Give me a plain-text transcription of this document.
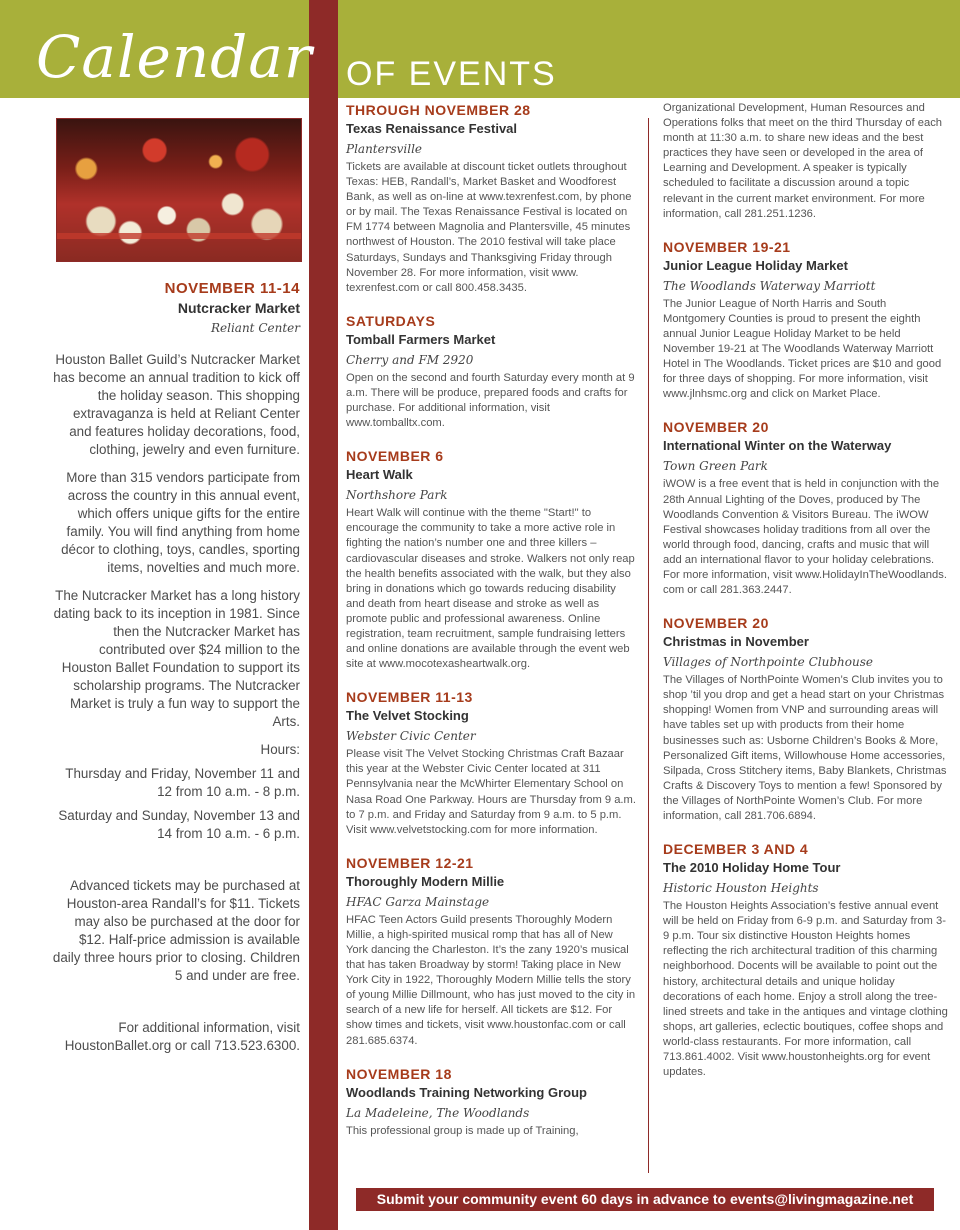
Calendar OF EVENTS

NOVEMBER 11-14

Nutcracker Market

Reliant Center

Houston Ballet Guild’s Nutcracker Market has become an annual tradition to kick off the holiday season. This shopping extravaganza is held at Reliant Center and features holiday decorations, food, clothing, jewelry and even furniture.

More than 315 vendors participate from across the country in this annual event, which offers unique gifts for the entire family. You will find anything from home décor to clothing, toys, candles, sporting items, novelties and much more.

The Nutcracker Market has a long history dating back to its inception in 1981. Since then the Nutcracker Market has contributed over $24 million to the Houston Ballet Foundation to support its scholarship programs. The Nutcracker Market is truly a fun way to support the Arts.

Hours:

Thursday and Friday, November 11 and 12 from 10 a.m. - 8 p.m.

Saturday and Sunday, November 13 and 14 from 10 a.m. - 6 p.m.

Advanced tickets may be purchased at Houston-area Randall’s for $11. Tickets may also be purchased at the door for $12. Half-price admission is available daily three hours prior to closing. Children 5 and under are free.

For additional information, visit HoustonBallet.org or call 713.523.6300.

THROUGH NOVEMBER 28

Texas Renaissance Festival

Plantersville

Tickets are available at discount ticket outlets throughout Texas: HEB, Randall’s, Market Basket and Woodforest Bank, as well as on-line at www.texrenfest.com, by phone or by mail. The Texas Renaissance Festival is located on FM 1774 between Magnolia and Plantersville, 45 minutes northwest of Houston. The 2010 festival will take place Saturdays, Sundays and Thanksgiving Friday through November 28. For more information, visit www. texrenfest.com or call 800.458.3435.

SATURDAYS

Tomball Farmers Market

Cherry and FM 2920

Open on the second and fourth Saturday every month at 9 a.m. There will be produce, prepared foods and crafts for purchase. For additional information, visit www.tomballtx.com.

NOVEMBER 6

Heart Walk

Northshore Park

Heart Walk will continue with the theme "Start!" to encourage the community to take a more active role in fighting the nation’s number one and three killers – cardiovascular diseases and stroke. Walkers not only reap the health benefits associated with the walk, but they also bring in donations which go towards reducing disability and death from heart disease and stroke as well as promote public and professional awareness. Online registration, team recruitment, sample fundraising letters and online donations are available through the event web site at www.mocotexasheartwalk.org.

NOVEMBER 11-13

The Velvet Stocking

Webster Civic Center

Please visit The Velvet Stocking Christmas Craft Bazaar this year at the Webster Civic Center located at 311 Pennsylvania near the McWhirter Elementary School on Nasa Road One Parkway. Hours are Thursday from 9 a.m. to 7 p.m. and Friday and Saturday from 9 a.m. to 5 p.m. Visit www.velvetstocking.com for more information.

NOVEMBER 12-21

Thoroughly Modern Millie

HFAC Garza Mainstage

HFAC Teen Actors Guild presents Thoroughly Modern Millie, a high-spirited musical romp that has all of New York dancing the Charleston. It’s the zany 1920’s musical that has taken Broadway by storm! Taking place in New York City in 1922, Thoroughly Modern Millie tells the story of young Millie Dillmount, who has just moved to the city in search of a new life for herself. All tickets are $12. For show times and tickets, visit www.houstonfac.com or call 281.685.6374.

NOVEMBER 18

Woodlands Training Networking Group

La Madeleine, The Woodlands

This professional group is made up of Training,

Organizational Development, Human Resources and Operations folks that meet on the third Thursday of each month at 11:30 a.m. to share new ideas and the best practices they have seen or developed in the area of Learning and Development. A speaker is typically scheduled to facilitate a discussion around a topic relevant in the current market environment. For more information, call 281.251.1236.

NOVEMBER 19-21

Junior League Holiday Market

The Woodlands Waterway Marriott

The Junior League of North Harris and South Montgomery Counties is proud to present the eighth annual Junior League Holiday Market to be held November 19-21 at The Woodlands Waterway Marriott Hotel in The Woodlands. Ticket prices are $10 and good for three days of shopping. For more information, visit www.jlnhsmc.org and click on Market Place.

NOVEMBER 20

International Winter on the Waterway

Town Green Park

iWOW is a free event that is held in conjunction with the 28th Annual Lighting of the Doves, produced by The Woodlands Convention & Visitors Bureau. The iWOW Festival showcases holiday traditions from all over the world through food, dancing, crafts and music that will add an international flavor to your holiday celebrations. For more information, visit www.HolidayInTheWoodlands. com or call 281.363.2447.

NOVEMBER 20

Christmas in November

Villages of Northpointe Clubhouse

The Villages of NorthPointe Women’s Club invites you to shop ’til you drop and get a head start on your Christmas shopping! Women from VNP and surrounding areas will have tables set up with products from their home businesses such as: Usborne Children’s Books & More, Personalized Gift items, Willowhouse Home accessories, Silpada, Cross Stitchery items, Baby Blankets, Christmas Crafts & Discovery Toys to mention a few! Sponsored by the Villages of NorthPointe Women’s Club. For more information, call 281.706.6894.

DECEMBER 3 AND 4

The 2010 Holiday Home Tour

Historic Houston Heights

The Houston Heights Association’s festive annual event will be held on Friday from 6-9 p.m. and Saturday from 3-9 p.m. Tour six distinctive Houston Heights homes reflecting the rich architectural tradition of this charming neighborhood. Docents will be available to point out the history, architectural details and unique holiday decorations of each home. Enjoy a stroll along the tree-lined streets and take in the antiques and vintage clothing shops, art galleries, eclectic boutiques, coffee shops and world-class restaurants. For more information, call 713.861.4002. Visit www.houstonheights.org for event updates.

Submit your community event 60 days in advance to events@livingmagazine.net
